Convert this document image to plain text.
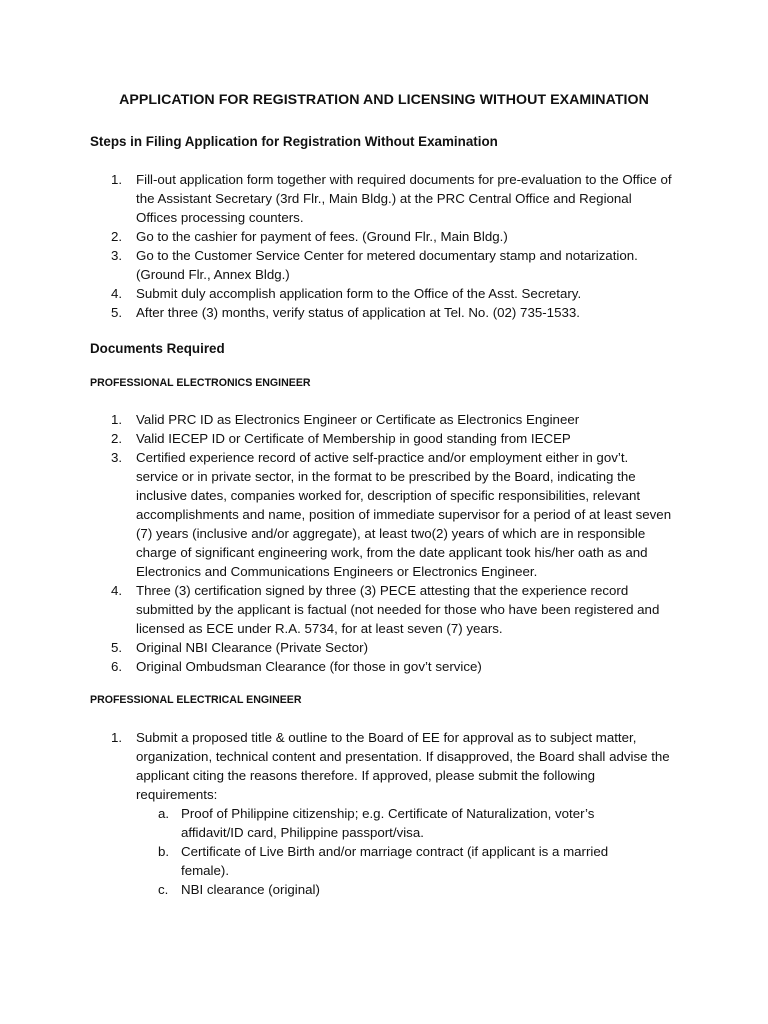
APPLICATION FOR REGISTRATION AND LICENSING WITHOUT EXAMINATION
Steps in Filing Application for Registration Without Examination
1. Fill-out application form together with required documents for pre-evaluation to the Office of the Assistant Secretary (3rd Flr., Main Bldg.) at the PRC Central Office and Regional Offices processing counters.
2. Go to the cashier for payment of fees. (Ground Flr., Main Bldg.)
3. Go to the Customer Service Center for metered documentary stamp and notarization. (Ground Flr., Annex Bldg.)
4. Submit duly accomplish application form to the Office of the Asst. Secretary.
5. After three (3) months, verify status of application at Tel. No. (02) 735-1533.
Documents Required
PROFESSIONAL ELECTRONICS ENGINEER
1. Valid PRC ID as Electronics Engineer or Certificate as Electronics Engineer
2. Valid IECEP ID or Certificate of Membership in good standing from IECEP
3. Certified experience record of active self-practice and/or employment either in gov’t. service or in private sector, in the format to be prescribed by the Board, indicating the inclusive dates, companies worked for, description of specific responsibilities, relevant accomplishments and name, position of immediate supervisor for a period of at least seven (7) years (inclusive and/or aggregate), at least two(2) years of which are in responsible charge of significant engineering work, from the date applicant took his/her oath as and Electronics and Communications Engineers or Electronics Engineer.
4. Three (3) certification signed by three (3) PECE attesting that the experience record submitted by the applicant is factual (not needed for those who have been registered and licensed as ECE under R.A. 5734, for at least seven (7) years.
5. Original NBI Clearance (Private Sector)
6. Original Ombudsman Clearance (for those in gov’t service)
PROFESSIONAL ELECTRICAL ENGINEER
1. Submit a proposed title & outline to the Board of EE for approval as to subject matter, organization, technical content and presentation. If disapproved, the Board shall advise the applicant citing the reasons therefore. If approved, please submit the following requirements:
a. Proof of Philippine citizenship; e.g. Certificate of Naturalization, voter’s affidavit/ID card, Philippine passport/visa.
b. Certificate of Live Birth and/or marriage contract (if applicant is a married female).
c. NBI clearance (original)
